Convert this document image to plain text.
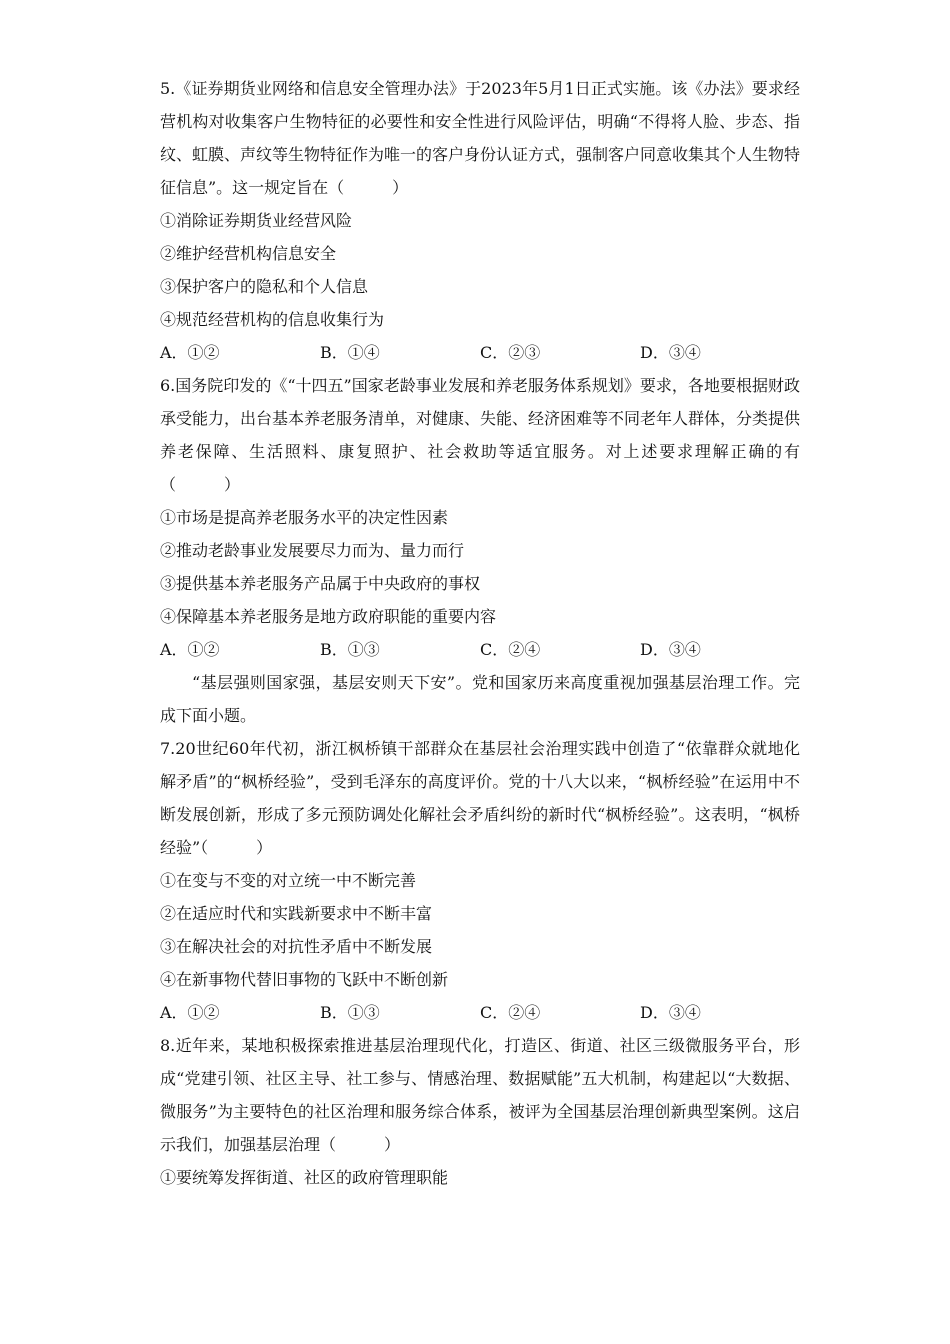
5.《证券期货业网络和信息安全管理办法》于2023年5月1日正式实施。该《办法》要求经营机构对收集客户生物特征的必要性和安全性进行风险评估，明确“不得将人脸、步态、指纹、虹膜、声纹等生物特征作为唯一的客户身份认证方式，强制客户同意收集其个人生物特征信息”。这一规定旨在（　　　）

①消除证券期货业经营风险

②维护经营机构信息安全

③保护客户的隐私和个人信息

④规范经营机构的信息收集行为

A．①②	B．①④	C．②③	D．③④

6.国务院印发的《“十四五”国家老龄事业发展和养老服务体系规划》要求，各地要根据财政承受能力，出台基本养老服务清单，对健康、失能、经济困难等不同老年人群体，分类提供养老保障、生活照料、康复照护、社会救助等适宜服务。对上述要求理解正确的有（　　　）

①市场是提高养老服务水平的决定性因素

②推动老龄事业发展要尽力而为、量力而行

③提供基本养老服务产品属于中央政府的事权

④保障基本养老服务是地方政府职能的重要内容

A．①②	B．①③	C．②④	D．③④

“基层强则国家强，基层安则天下安”。党和国家历来高度重视加强基层治理工作。完成下面小题。

7.20世纪60年代初，浙江枫桥镇干部群众在基层社会治理实践中创造了“依靠群众就地化解矛盾”的“枫桥经验”，受到毛泽东的高度评价。党的十八大以来，“枫桥经验”在运用中不断发展创新，形成了多元预防调处化解社会矛盾纠纷的新时代“枫桥经验”。这表明，“枫桥经验”（　　　）

①在变与不变的对立统一中不断完善

②在适应时代和实践新要求中不断丰富

③在解决社会的对抗性矛盾中不断发展

④在新事物代替旧事物的飞跃中不断创新

A．①②	B．①③	C．②④	D．③④

8.近年来，某地积极探索推进基层治理现代化，打造区、街道、社区三级微服务平台，形成“党建引领、社区主导、社工参与、情感治理、数据赋能”五大机制，构建起以“大数据、微服务”为主要特色的社区治理和服务综合体系，被评为全国基层治理创新典型案例。这启示我们，加强基层治理（　　　）

①要统筹发挥街道、社区的政府管理职能
